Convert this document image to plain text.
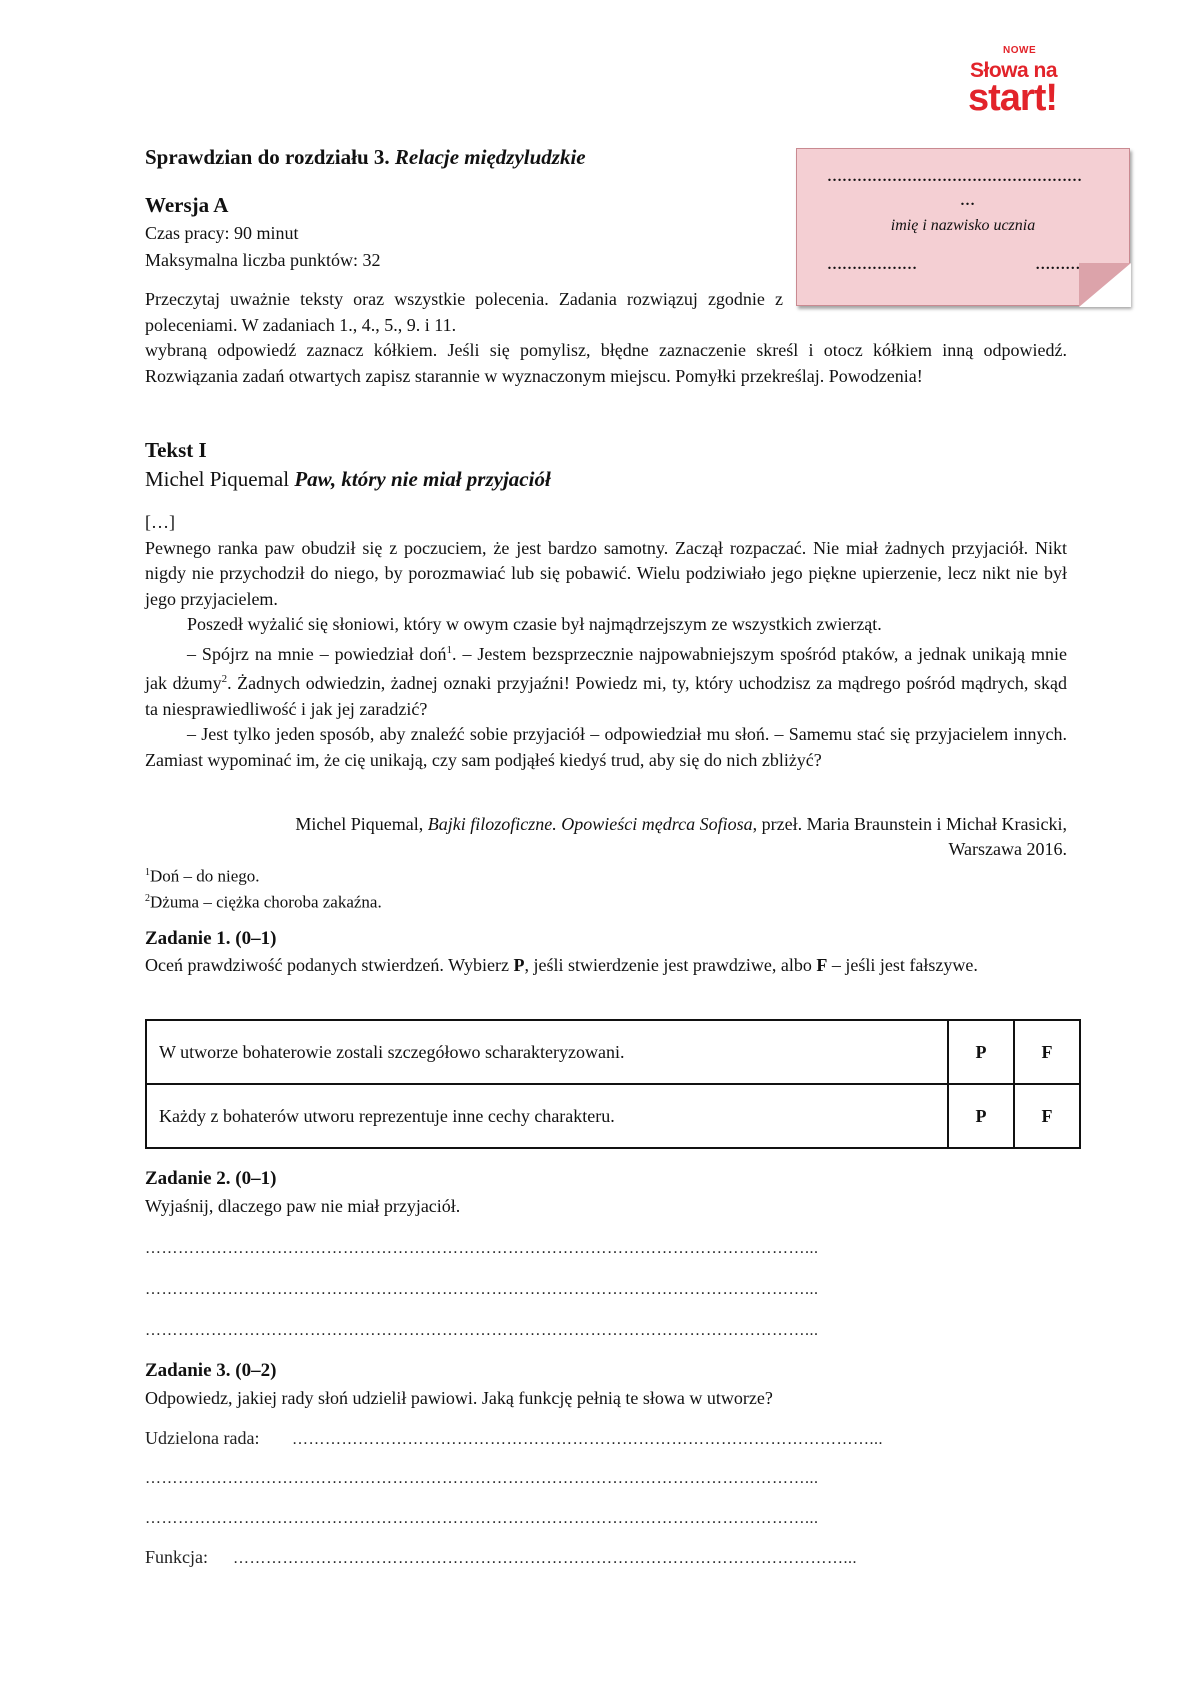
NOWE
Słowa na
start!
……………………………………………
…
imię i nazwisko ucznia
………………	………….
Sprawdzian do rozdziału 3. Relacje międzyludzkie
Wersja A
Czas pracy: 90 minut
Maksymalna liczba punktów: 32
Przeczytaj uważnie teksty oraz wszystkie polecenia. Zadania rozwiązuj zgodnie z poleceniami. W zadaniach 1., 4., 5., 9. i 11.
wybraną odpowiedź zaznacz kółkiem. Jeśli się pomylisz, błędne zaznaczenie skreśl i otocz kółkiem inną odpowiedź. Rozwiązania zadań otwartych zapisz starannie w wyznaczonym miejscu. Pomyłki przekreślaj. Powodzenia!
Tekst I
Michel Piquemal Paw, który nie miał przyjaciół

[…]

Pewnego ranka paw obudził się z poczuciem, że jest bardzo samotny. Zaczął rozpaczać. Nie miał żadnych przyjaciół. Nikt nigdy nie przychodził do niego, by porozmawiać lub się pobawić. Wielu podziwiało jego piękne upierzenie, lecz nikt nie był jego przyjacielem.

Poszedł wyżalić się słoniowi, który w owym czasie był najmądrzejszym ze wszystkich zwierząt.

– Spójrz na mnie – powiedział doń$^1$. – Jestem bezsprzecznie najpowabniejszym spośród ptaków, a jednak unikają mnie jak dżumy$^2$. Żadnych odwiedzin, żadnej oznaki przyjaźni! Powiedz mi, ty, który uchodzisz za mądrego pośród mądrych, skąd ta niesprawiedliwość i jak jej zaradzić?

– Jest tylko jeden sposób, aby znaleźć sobie przyjaciół – odpowiedział mu słoń. – Samemu stać się przyjacielem innych. Zamiast wypominać im, że cię unikają, czy sam podjąłeś kiedyś trud, aby się do nich zbliżyć?

Michel Piquemal, Bajki filozoficzne. Opowieści mędrca Sofiosa, przeł. Maria Braunstein i Michał Krasicki,
Warszawa 2016.
$^1$Doń – do niego.
$^2$Dżuma – ciężka choroba zakaźna.
Zadanie 1. (0–1)
Oceń prawdziwość podanych stwierdzeń. Wybierz P, jeśli stwierdzenie jest prawdziwe, albo F – jeśli jest fałszywe.
W utworze bohaterowie zostali szczegółowo scharakteryzowani.	P	F
Każdy z bohaterów utworu reprezentuje inne cechy charakteru.	P	F
Zadanie 2. (0–1)
Wyjaśnij, dlaczego paw nie miał przyjaciół.
…………………………………………………………………………………………………………...
…………………………………………………………………………………………………………...
…………………………………………………………………………………………………………...
Zadanie 3. (0–2)
Odpowiedz, jakiej rady słoń udzielił pawiowi. Jaką funkcję pełnią te słowa w utworze?
Udzielona rada: ……………………………………………………………………………………………...
…………………………………………………………………………………………………………...
…………………………………………………………………………………………………………...
Funkcja: …………………………………………………………………………………………………...
